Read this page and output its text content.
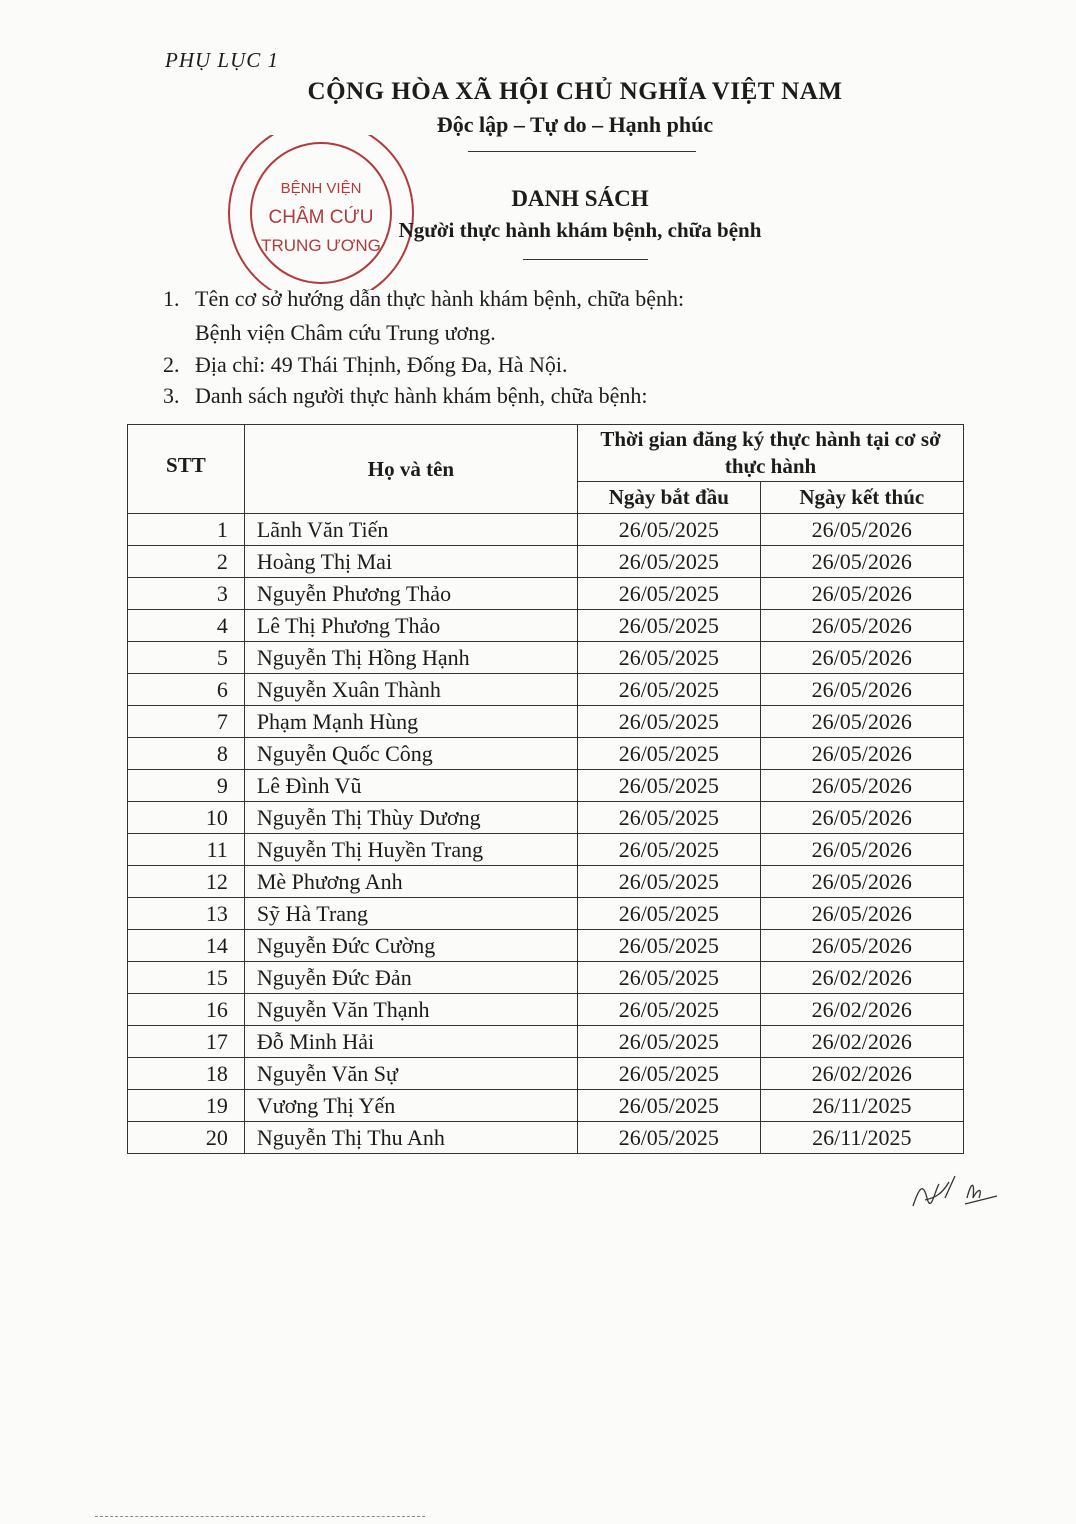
PHỤ LỤC 1
CỘNG HÒA XÃ HỘI CHỦ NGHĨA VIỆT NAM
Độc lập – Tự do – Hạnh phúc
BỆNH VIỆN
CHÂM CỨU
TRUNG ƯƠNG
DANH SÁCH
Người thực hành khám bệnh, chữa bệnh
1. Tên cơ sở hướng dẫn thực hành khám bệnh, chữa bệnh:
Bệnh viện Châm cứu Trung ương.
2. Địa chỉ: 49 Thái Thịnh, Đống Đa, Hà Nội.
3. Danh sách người thực hành khám bệnh, chữa bệnh:
STT	Họ và tên	Thời gian đăng ký thực hành tại cơ sở thực hành	
		Ngày bắt đầu	Ngày kết thúc
1	Lãnh Văn Tiến	26/05/2025	26/05/2026
2	Hoàng Thị Mai	26/05/2025	26/05/2026
3	Nguyễn Phương Thảo	26/05/2025	26/05/2026
4	Lê Thị Phương Thảo	26/05/2025	26/05/2026
5	Nguyễn Thị Hồng Hạnh	26/05/2025	26/05/2026
6	Nguyễn Xuân Thành	26/05/2025	26/05/2026
7	Phạm Mạnh Hùng	26/05/2025	26/05/2026
8	Nguyễn Quốc Công	26/05/2025	26/05/2026
9	Lê Đình Vũ	26/05/2025	26/05/2026
10	Nguyễn Thị Thùy Dương	26/05/2025	26/05/2026
11	Nguyễn Thị Huyền Trang	26/05/2025	26/05/2026
12	Mè Phương Anh	26/05/2025	26/05/2026
13	Sỹ Hà Trang	26/05/2025	26/05/2026
14	Nguyễn Đức Cường	26/05/2025	26/05/2026
15	Nguyễn Đức Đản	26/05/2025	26/02/2026
16	Nguyễn Văn Thạnh	26/05/2025	26/02/2026
17	Đỗ Minh Hải	26/05/2025	26/02/2026
18	Nguyễn Văn Sự	26/05/2025	26/02/2026
19	Vương Thị Yến	26/05/2025	26/11/2025
20	Nguyễn Thị Thu Anh	26/05/2025	26/11/2025
